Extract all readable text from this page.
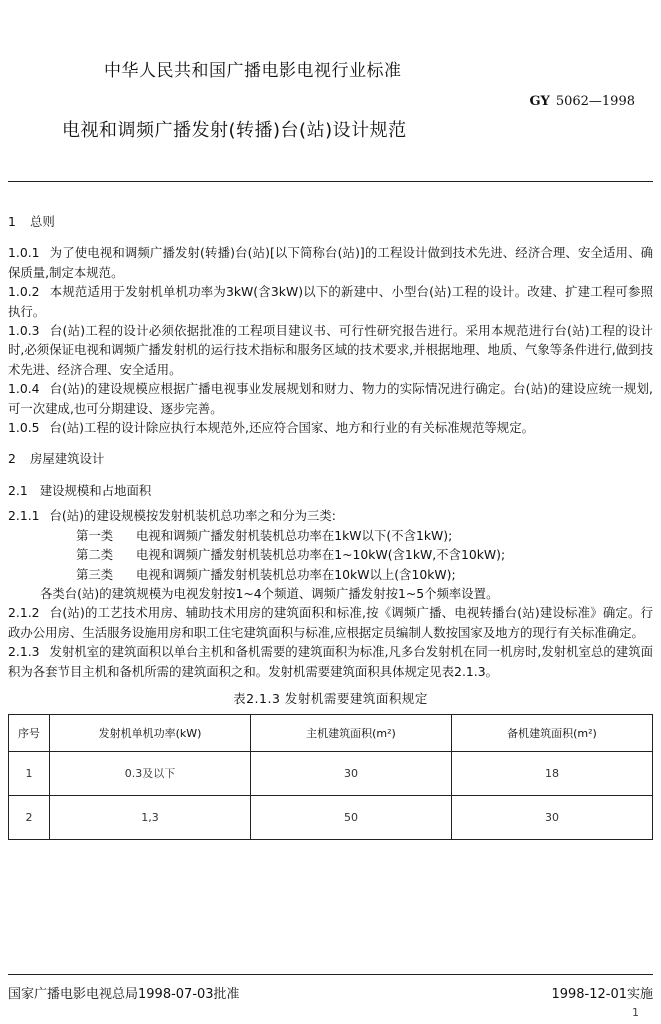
中华人民共和国广播电影电视行业标准
GY 5062—1998
电视和调频广播发射(转播)台(站)设计规范

1 总则

1.0.1 为了使电视和调频广播发射(转播)台(站)[以下简称台(站)]的工程设计做到技术先进、经济合理、安全适用、确保质量,制定本规范。

1.0.2 本规范适用于发射机单机功率为3kW(含3kW)以下的新建中、小型台(站)工程的设计。改建、扩建工程可参照执行。

1.0.3 台(站)工程的设计必须依据批准的工程项目建议书、可行性研究报告进行。采用本规范进行台(站)工程的设计时,必须保证电视和调频广播发射机的运行技术指标和服务区域的技术要求,并根据地理、地质、气象等条件进行,做到技术先进、经济合理、安全适用。

1.0.4 台(站)的建设规模应根据广播电视事业发展规划和财力、物力的实际情况进行确定。台(站)的建设应统一规划,可一次建成,也可分期建设、逐步完善。

1.0.5 台(站)工程的设计除应执行本规范外,还应符合国家、地方和行业的有关标准规范等规定。

2 房屋建筑设计

2.1 建设规模和占地面积

2.1.1 台(站)的建设规模按发射机装机总功率之和分为三类:

第一类 电视和调频广播发射机装机总功率在1kW以下(不含1kW);

第二类 电视和调频广播发射机装机总功率在1~10kW(含1kW,不含10kW);

第三类 电视和调频广播发射机装机总功率在10kW以上(含10kW);

各类台(站)的建筑规模为电视发射按1~4个频道、调频广播发射按1~5个频率设置。

2.1.2 台(站)的工艺技术用房、辅助技术用房的建筑面积和标准,按《调频广播、电视转播台(站)建设标准》确定。行政办公用房、生活服务设施用房和职工住宅建筑面积与标准,应根据定员编制人数按国家及地方的现行有关标准确定。

2.1.3 发射机室的建筑面积以单台主机和备机需要的建筑面积为标准,凡多台发射机在同一机房时,发射机室总的建筑面积为各套节目主机和备机所需的建筑面积之和。发射机需要建筑面积具体规定见表2.1.3。

表2.1.3 发射机需要建筑面积规定
序号	发射机单机功率(kW)	主机建筑面积(m²)	备机建筑面积(m²)
1	0.3及以下	30	18
2	1,3	50	30
国家广播电影电视总局1998-07-03批准	1998-12-01实施
1
